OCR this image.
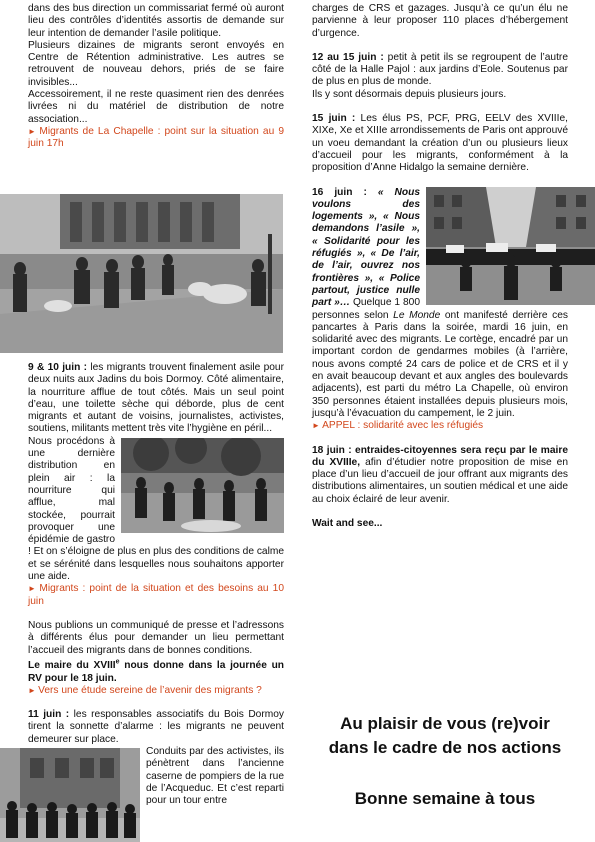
dans des bus direction un commissariat fermé où auront lieu des contrôles d’identités assortis de demande sur leur intention de demander l’asile politique.

Plusieurs dizaines de migrants seront envoyés en Centre de Rétention administrative. Les autres se retrouvent de nouveau dehors, priés de se faire invisibles...

Accessoirement, il ne reste quasiment rien des denrées livrées ni du matériel de distribution de notre association...

► Migrants de La Chapelle : point sur la situation au 9 juin 17h

9 & 10 juin : les migrants trouvent finalement asile pour deux nuits aux Jadins du bois Dormoy. Côté alimentaire, la nourriture afflue de tout côtés. Mais un seul point d’eau, une toilette sèche qui déborde, plus de cent migrants et autant de voisins, journalistes, activistes, soutiens, militants mettent très vite l’hygiène en péril...

Nous procédons à une dernière distribution en plein air : la nourriture qui afflue, mal stockée, pourrait provoquer une épidémie de gastro ! Et on s’éloigne de plus en plus des conditions de calme et se sérénité dans lesquelles nous souhaitons apporter une aide.

► Migrants : point de la situation et des besoins au 10 juin

Nous publions un communiqué de presse et l’adressons à différents élus pour demander un lieu permettant l’accueil des migrants dans de bonnes conditions.

Le maire du XVIIIe nous donne dans la journée un RV pour le 18 juin.

► Vers une étude sereine de l’avenir des migrants ?

11 juin : les responsables associatifs du Bois Dormoy tirent la sonnette d’alarme : les migrants ne peuvent demeurer sur place.

Conduits par des activistes, ils pénètrent dans l’ancienne caserne de pompiers de la rue de l’Acqueduc. Et c’est reparti pour un tour entre

charges de CRS et gazages. Jusqu’à ce qu’un élu ne parvienne à leur proposer 110 places d’hébergement d’urgence.

12 au 15 juin : petit à petit ils se regroupent de l’autre côté de la Halle Pajol : aux jardins d’Eole. Soutenus par de plus en plus de monde.

Ils y sont désormais depuis plusieurs jours.

15 juin : Les élus PS, PCF, PRG, EELV des XVIIIe, XIXe, Xe et XIIIe arrondissements de Paris ont approuvé un voeu demandant la création d’un ou plusieurs lieux d’accueil pour les migrants, conformément à la proposition d’Anne Hidalgo la semaine dernière.

16 juin : « Nous voulons des logements », « Nous demandons l’asile », « Solidarité pour les réfugiés », « De l’air, de l’air, ouvrez nos frontières », « Police partout, justice nulle part »… Quelque 1 800 personnes selon Le Monde ont manifesté derrière ces pancartes à Paris dans la soirée, mardi 16 juin, en solidarité avec des migrants. Le cortège, encadré par un important cordon de gendarmes mobiles (à l’arrière, nous avons compté 24 cars de police et de CRS et il y en avait beaucoup devant et aux angles des boulevards adjacents), est parti du métro La Chapelle, où environ 350 personnes étaient installées depuis plusieurs mois, jusqu’à l’évacuation du campement, le 2 juin.

► APPEL : solidarité avec les réfugiés

18 juin : entraides-citoyennes sera reçu par le maire du XVIIIe, afin d’étudier notre proposition de mise en place d’un lieu d’accueil de jour offrant aux migrants des distributions alimentaires, un soutien médical et une aide au choix éclairé de leur avenir.

Wait and see...

Au plaisir de vous (re)voir
dans le cadre de nos actions
Bonne semaine à tous
